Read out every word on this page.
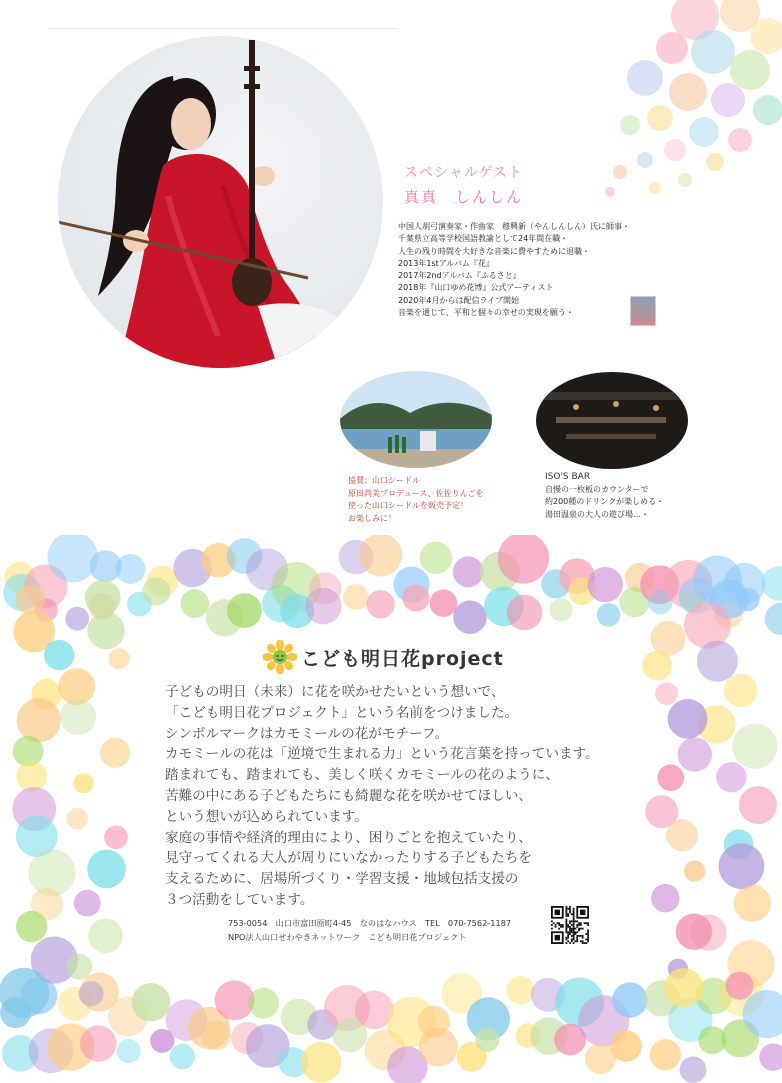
スペシャルゲスト
真真　しんしん
中国人胡弓演奏家・作曲家　穆興新（やんしんしん）氏に師事・
千葉県立高等学校国語教諭として24年間在職・
人生の残り時間を大好きな音楽に費やすために退職・
2013年1stアルバム『花』
2017年2ndアルバム『ふるさと』
2018年『山口ゆめ花博』公式アーティスト
2020年4月からは配信ライブ開始
音楽を通じて、平和と個々の幸せの実現を願う・
協賛：山口シードル
原田尚美プロデュース、佐佐りんごを
使った山口シードルを販売予定！
お楽しみに！
ISO'S BAR
自慢の一枚板のカウンターで
約200種のドリンクが楽しめる・
湯田温泉の大人の遊び場…・
こども明日花project
子どもの明日（未来）に花を咲かせたいという想いで、
「こども明日花プロジェクト」という名前をつけました。
シンボルマークはカモミールの花がモチーフ。
カモミールの花は「逆境で生まれる力」という花言葉を持っています。
踏まれても、踏まれても、美しく咲くカモミールの花のように、
苦難の中にある子どもたちにも綺麗な花を咲かせてほしい、
という想いが込められています。
家庭の事情や経済的理由により、困りごとを抱えていたり、
見守ってくれる大人が周りにいなかったりする子どもたちを
支えるために、居場所づくり・学習支援・地域包括支援の
３つ活動をしています。
753-0054　山口市富田原町4-45　なのはなハウス　TEL　070-7562-1187
NPO法人山口せわやきネットワーク　こども明日花プロジェクト
